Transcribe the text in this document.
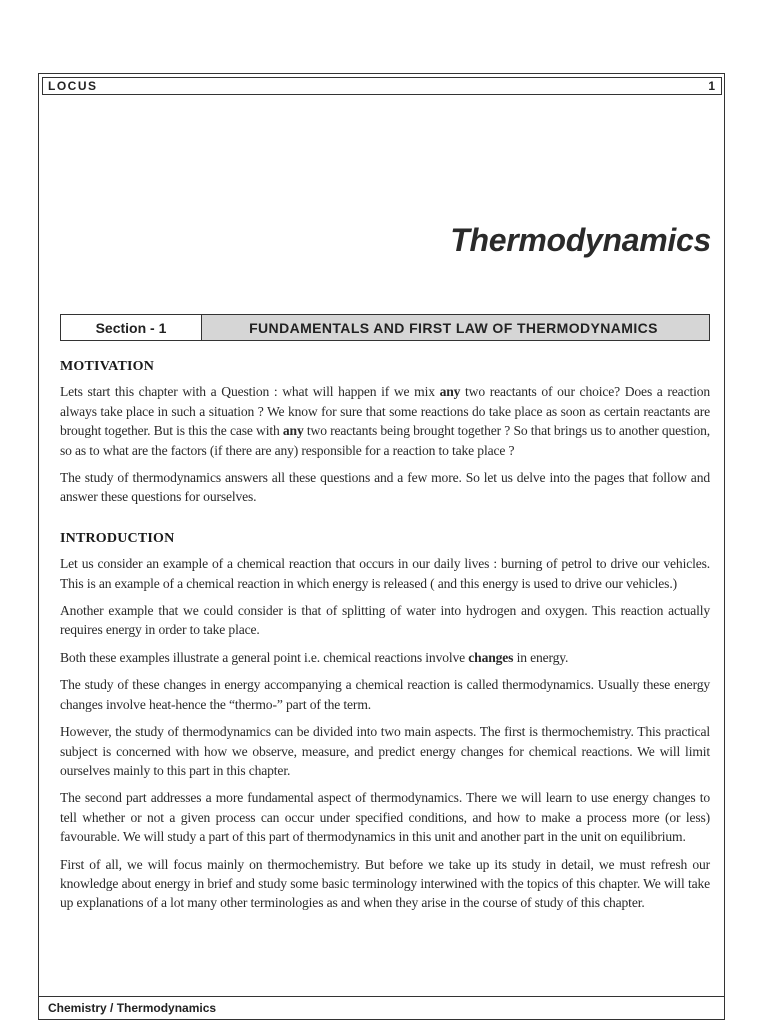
LOCUS	1
Thermodynamics
Section - 1	FUNDAMENTALS AND FIRST LAW OF THERMODYNAMICS
MOTIVATION

Lets start this chapter with a Question : what will happen if we mix any two reactants of our choice? Does a reaction always take place in such a situation ? We know for sure that some reactions do take place as soon as certain reactants are brought together. But is this the case with any two reactants being brought together ? So that brings us to another question, so as to what are the factors (if there are any) responsible for a reaction to take place ?

The study of thermodynamics answers all these questions and a few more. So let us delve into the pages that follow and answer these questions for ourselves.

INTRODUCTION

Let us consider an example of a chemical reaction that occurs in our daily lives : burning of petrol to drive our vehicles. This is an example of a chemical reaction in which energy is released ( and this energy is used to drive our vehicles.)

Another example that we could consider is that of splitting of water into hydrogen and oxygen. This reaction actually requires energy in order to take place.

Both these examples illustrate a general point i.e. chemical reactions involve changes in energy.

The study of these changes in energy accompanying a chemical reaction is called thermodynamics. Usually these energy changes involve heat-hence the “thermo-” part of the term.

However, the study of thermodynamics can be divided into two main aspects. The first is thermochemistry. This practical subject is concerned with how we observe, measure, and predict energy changes for chemical reactions. We will limit ourselves mainly to this part in this chapter.

The second part addresses a more fundamental aspect of thermodynamics. There we will learn to use energy changes to tell whether or not a given process can occur under specified conditions, and how to make a process more (or less) favourable. We will study a part of this part of thermodynamics in this unit and another part in the unit on equilibrium.

First of all, we will focus mainly on thermochemistry. But before we take up its study in detail, we must refresh our knowledge about energy in brief and study some basic terminology interwined with the topics of this chapter. We will take up explanations of a lot many other terminologies as and when they arise in the course of study of this chapter.

Chemistry / Thermodynamics
